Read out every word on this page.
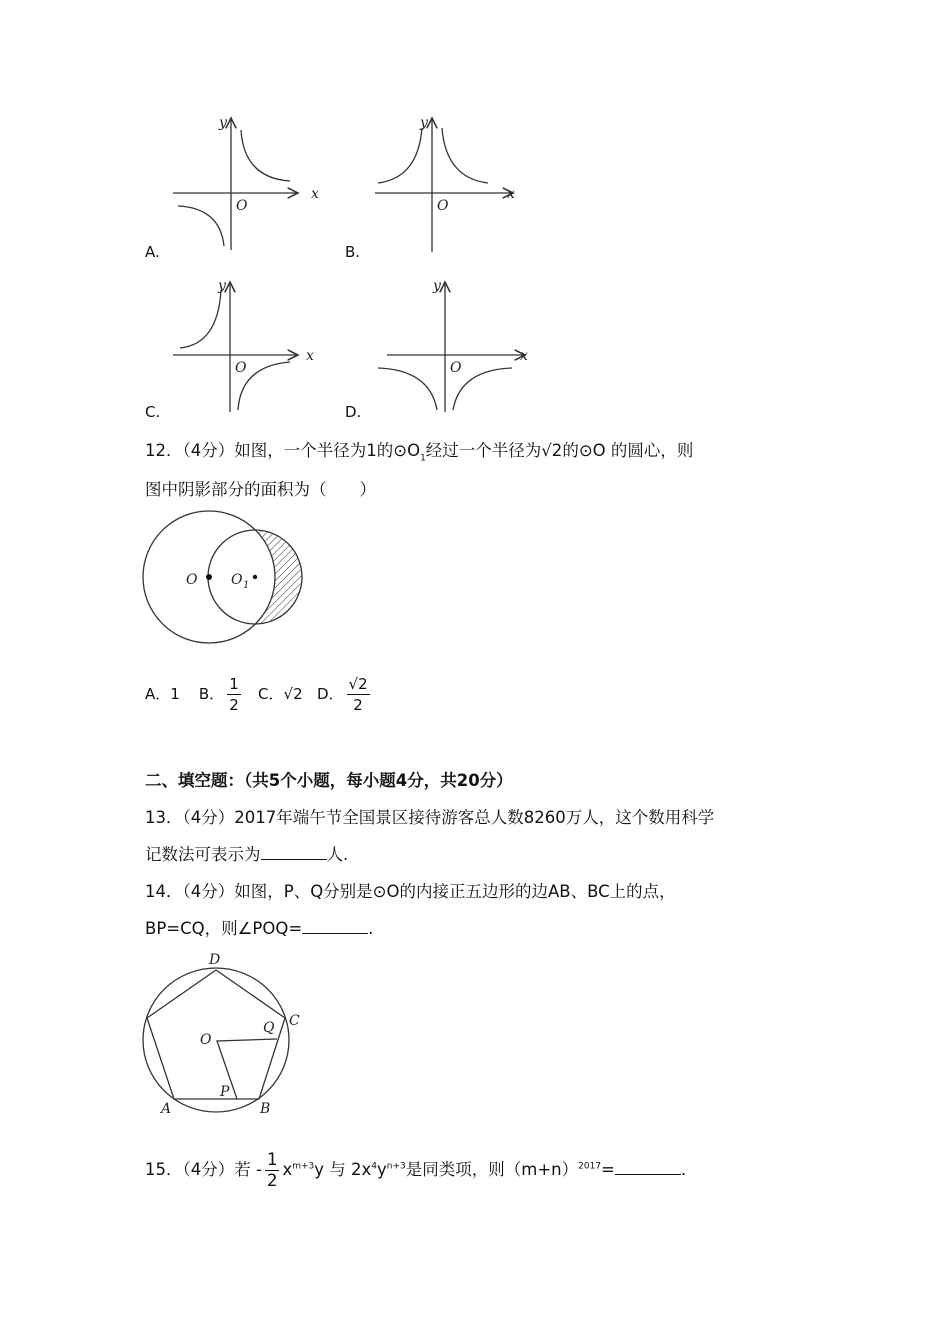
x
y
O
x
y
O
x
y
O
x
y
O
O O 1
D
C
B
A
O
P
Q
A.	B.
C.	D.
12．（4分）如图，一个半径为1的$⊙O_1$经过一个半径为√2的⊙O 的圆心，则
图中阴影部分的面积为（　　）
A．1 B． $\frac{1}{2}$ C．√2 D． $\frac{√2}{2}$
二、填空题：（共5个小题，每小题4分，共20分）
13．（4分）2017年端午节全国景区接待游客总人数8260万人，这个数用科学
记数法可表示为	人.
14．（4分）如图，P、Q分别是⊙O的内接正五边形的边AB、BC上的点，
BP=CQ，则∠POQ=	.
15．（4分）若 - $\frac{1}{2} x^{m+3}y$ 与 $2x^4y^{n+3}$是同类项，则$(m+n)^{2017}=$	.
